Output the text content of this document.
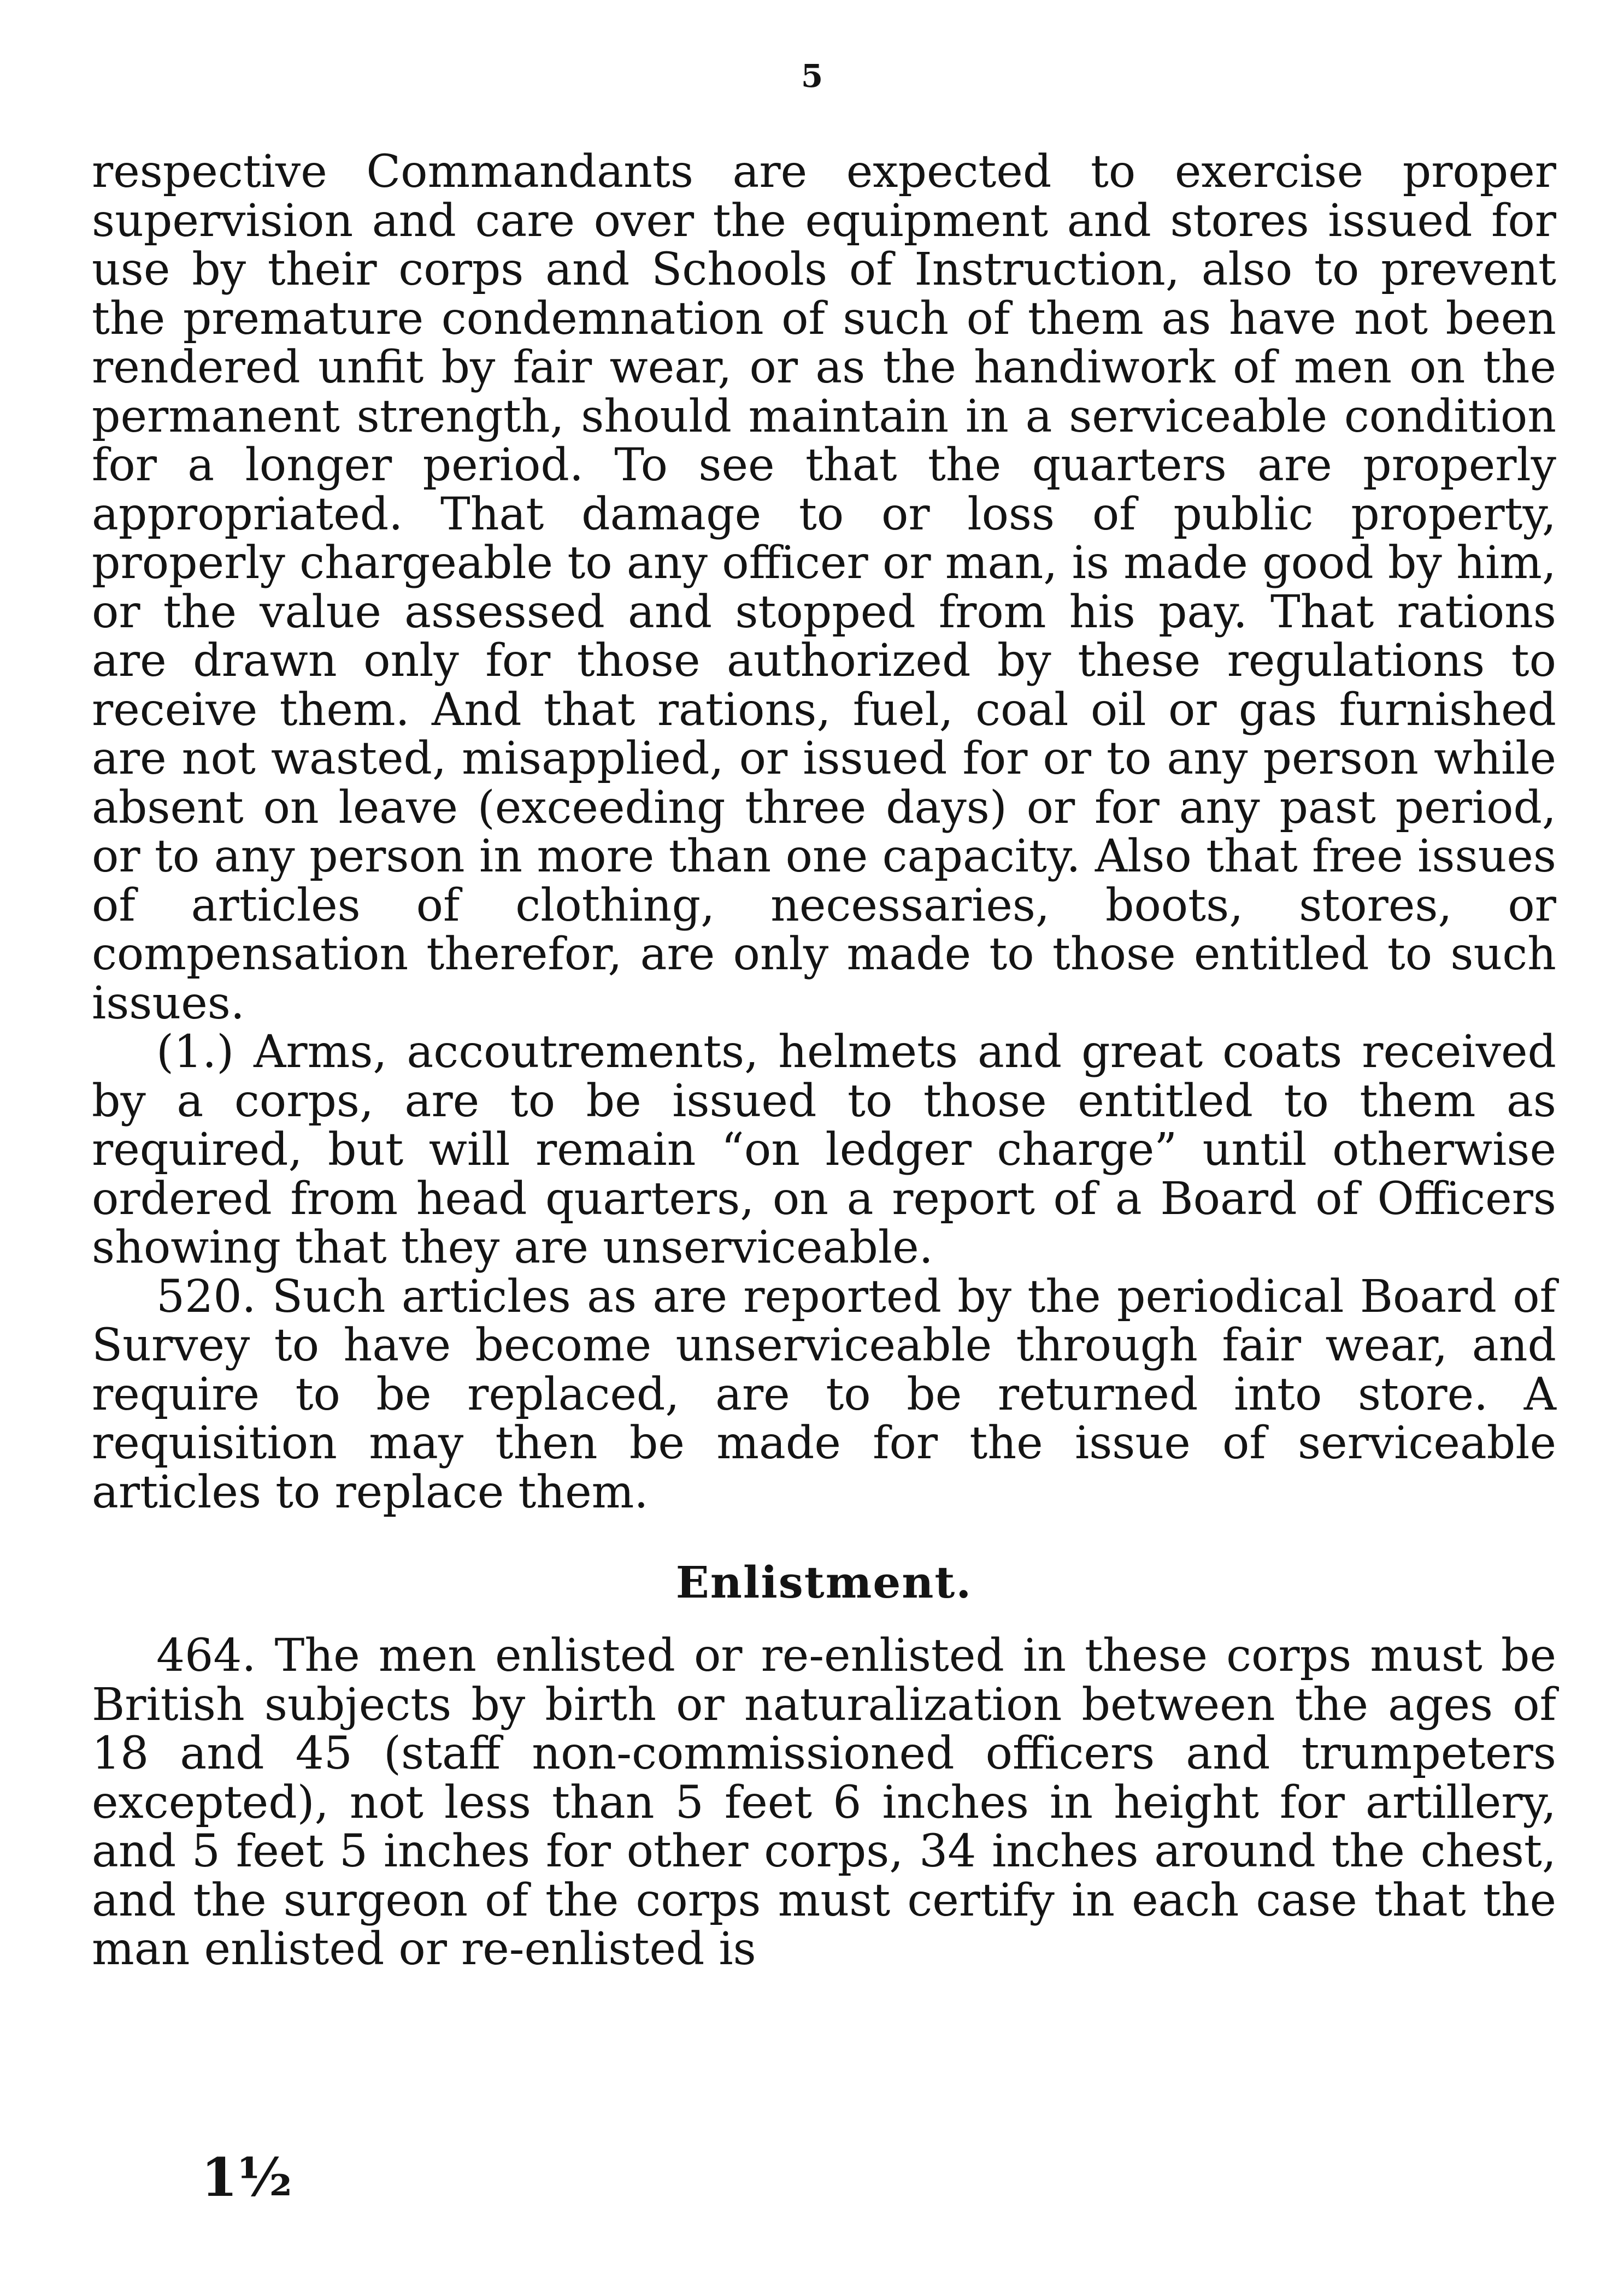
5

respective Commandants are expected to exercise proper supervision and care over the equipment and stores issued for use by their corps and Schools of Instruction, also to prevent the premature condemnation of such of them as have not been rendered unfit by fair wear, or as the handiwork of men on the permanent strength, should maintain in a serviceable condition for a longer period. To see that the quarters are properly appropriated. That damage to or loss of public property, properly chargeable to any officer or man, is made good by him, or the value assessed and stopped from his pay. That rations are drawn only for those authorized by these regulations to receive them. And that rations, fuel, coal oil or gas furnished are not wasted, misapplied, or issued for or to any person while absent on leave (exceeding three days) or for any past period, or to any person in more than one capacity. Also that free issues of articles of clothing, necessaries, boots, stores, or compensation therefor, are only made to those entitled to such issues.

(1.) Arms, accoutrements, helmets and great coats received by a corps, are to be issued to those entitled to them as required, but will remain “on ledger charge” until otherwise ordered from head quarters, on a report of a Board of Officers showing that they are unserviceable.

520. Such articles as are reported by the periodical Board of Survey to have become unserviceable through fair wear, and require to be replaced, are to be returned into store. A requisition may then be made for the issue of serviceable articles to replace them.

Enlistment.

464. The men enlisted or re-enlisted in these corps must be British subjects by birth or naturalization between the ages of 18 and 45 (staff non-commissioned officers and trumpeters excepted), not less than 5 feet 6 inches in height for artillery, and 5 feet 5 inches for other corps, 34 inches around the chest, and the surgeon of the corps must certify in each case that the man enlisted or re-enlisted is

1½
